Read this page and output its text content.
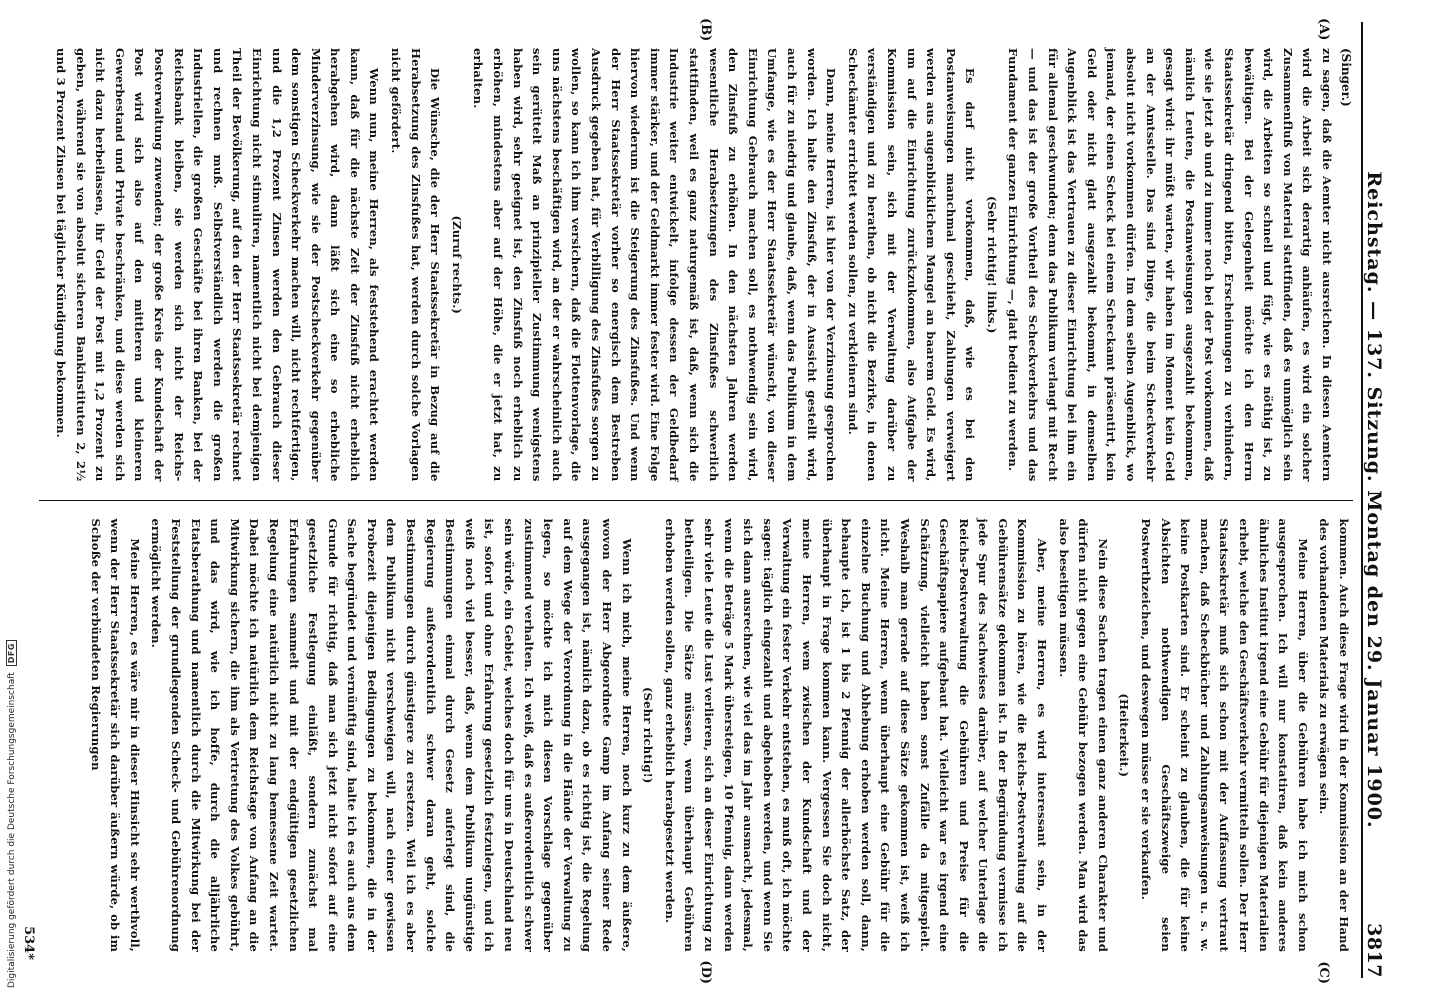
Digitalisierung gefördert durch die Deutsche Forschungsgemeinschaft
DFG	Reichstag. — 137. Sitzung. Montag den 29. Januar 1900.
3817
(Singer.)
(A)
(B)

zu sagen, daß die Aemter nicht ausreichen. In diesen Aemtern wird die Arbeit sich derartig anhäufen, es wird ein solcher Zusammenfluß von Material stattfinden, daß es unmöglich sein wird, die Arbeiten so schnell und fügt, wie es nöthig ist, zu bewältigen. Bei der Gelegenheit möchte ich den Herrn Staatssekretär dringend bitten, Erscheinungen zu verhindern, wie sie jetzt ab und zu immer noch bei der Post vorkommen, daß nämlich Leuten, die Postanweisungen ausgezahlt bekommen, gesagt wird: ihr müßt warten, wir haben im Moment kein Geld an der Amtsstelle. Das sind Dinge, die beim Scheckverkehr absolut nicht vorkommen dürfen. Im dem selben Augenblick, wo jemand, der einen Scheck bei einem Scheckamt präsentirt, kein Geld oder nicht glatt ausgezahlt bekommt, in demselben Augenblick ist das Vertrauen zu dieser Einrichtung bei ihm ein für allemal geschwunden; denn das Publikum verlangt mit Recht — und das ist der große Vortheil des Scheckverkehrs und das Fundament der ganzen Einrichtung —, glatt bedient zu werden.

(Sehr richtig! links.)

Es darf nicht vorkommen, daß, wie es bei den Postanweisungen manchmal geschieht, Zahlungen verweigert werden aus augenblicklichem Mangel an baarem Geld. Es wird, um auf die Einrichtung zurückzukommen, also Aufgabe der Kommission sein, sich mit der Verwaltung darüber zu verständigen und zu berathen, ob nicht die Bezirke, in denen Scheckämter errichtet werden sollen, zu verkleinern sind.

Dann, meine Herren, ist hier von der Verzinsung gesprochen worden. Ich halte den Zinsfuß, der in Aussicht gestellt wird, auch für zu niedrig und glaube, daß, wenn das Publikum in dem Umfange, wie es der Herr Staatssekretär wünscht, von dieser Einrichtung Gebrauch machen soll, es nothwendig sein wird, den Zinsfuß zu erhöhen. In den nächsten Jahren werden wesentliche Herabsetzungen des Zinsfußes schwerlich stattfinden, weil es ganz naturgemäß ist, daß, wenn sich die Industrie weiter entwickelt, infolge dessen der Geldbedarf immer stärker, und der Geldmarkt immer fester wird. Eine Folge hiervon wiederum ist die Steigerung des Zinsfußes. Und wenn der Herr Staatssekretär vorher so energisch dem Bestreben Ausdruck gegeben hat, für Verbilligung des Zinsfußes sorgen zu wollen, so kann ich ihm versichern, daß die Flottenvorlage, die uns nächstens beschäftigen wird, an der er wahrscheinlich auch sein gerüttelt Maß an prinzipieller Zustimmung wenigstens haben wird, sehr geeignet ist, den Zinsfuß noch erheblich zu erhöhen, mindestens aber auf der Höhe, die er jetzt hat, zu erhalten.

(Zuruf rechts.)

Die Wünsche, die der Herr Staatssekretär in Bezug auf die Herabsetzung des Zinsfußes hat, werden durch solche Vorlagen nicht gefördert.

Wenn nun, meine Herren, als feststehend erachtet werden kann, daß für die nächste Zeit der Zinsfuß nicht erheblich herabgehen wird, dann läßt sich eine so erhebliche Minderverzinsung, wie sie der Postscheckverkehr gegenüber dem sonstigen Scheckverkehr machen will, nicht rechtfertigen, und die 1,2 Prozent Zinsen werden den Gebrauch dieser Einrichtung nicht stimuliren, namentlich nicht bei demjenigen Theil der Bevölkerung, auf den der Herr Staatssekretär rechnet und rechnen muß. Selbstverständlich werden die großen Industriellen, die großen Geschäfte bei ihren Banken, bei der Reichsbank bleiben, sie werden sich nicht der Reichs-Postverwaltung zuwenden; der große Kreis der Kundschaft der Post wird sich also auf den mittleren und kleineren Gewerbestand und Private beschränken, und diese werden sich nicht dazu herbeilassen, ihr Geld der Post mit 1,2 Prozent zu geben, während sie von absolut sicheren Bankinstituten 2, 2½ und 3 Prozent Zinsen bei täglicher Kündigung bekommen.

(C)
(D)

kommen. Auch diese Frage wird in der Kommission an der Hand des vorhandenen Materials zu erwägen sein.

Meine Herren, über die Gebühren habe ich mich schon ausgesprochen. Ich will nur konstatiren, daß kein anderes ähnliches Institut irgend eine Gebühr für diejenigen Materialien erhebt, welche den Geschäftsverkehr vermitteln sollen. Der Herr Staatssekretär muß sich schon mit der Auffassung vertraut machen, daß Scheckbücher und Zahlungsanweisungen u. s. w. keine Postkarten sind. Er scheint zu glauben, die für keine Absichten nothwendigen Geschäftszweige seien Postwerthzeichen, und deswegen müsse er sie verkaufen.

(Heiterkeit.)

Nein diese Sachen tragen einen ganz anderen Charakter und dürfen nicht gegen eine Gebühr bezogen werden. Man wird das also beseitigen müssen.

Aber, meine Herren, es wird interessant sein, in der Kommission zu hören, wie die Reichs-Postverwaltung auf die Gebührensätze gekommen ist. In der Begründung vermisse ich jede Spur des Nachweises darüber, auf welcher Unterlage die Reichs-Postverwaltung die Gebühren und Preise für die Geschäftspapiere aufgebaut hat. Vielleicht war es irgend eine Schätzung, vielleicht haben sonst Zufälle da mitgespielt. Weshalb man gerade auf diese Sätze gekommen ist, weiß ich nicht. Meine Herren, wenn überhaupt eine Gebühr für die einzelne Buchung und Abhebung erhoben werden soll, dann, behaupte ich, ist 1 bis 2 Pfennig der allerhöchste Satz, der überhaupt in Frage kommen kann. Vergessen Sie doch nicht, meine Herren, wem zwischen der Kundschaft und der Verwaltung ein fester Verkehr entstehen, es muß oft, ich möchte sagen: täglich eingezahlt und abgehoben werden, und wenn Sie sich dann ausrechnen, wie viel das im Jahr ausmacht, jedesmal, wenn die Beträge 5 Mark übersteigen, 10 Pfennig, dann werden sehr viele Leute die Lust verlieren, sich an dieser Einrichtung zu betheiligen. Die Sätze müssen, wenn überhaupt Gebühren erhoben werden sollen, ganz erheblich herabgesetzt werden.

(Sehr richtig!)

Wenn ich mich, meine Herren, noch kurz zu dem äußere, wovon der Herr Abgeordnete Gamp im Anfang seiner Rede ausgegangen ist, nämlich dazu, ob es richtig ist, die Regelung auf dem Wege der Verordnung in die Hände der Verwaltung zu legen, so möchte ich mich diesen Vorschlage gegenüber zustimmend verhalten. Ich weiß, daß es außerordentlich schwer sein würde, ein Gebiet, welches doch für uns in Deutschland neu ist, sofort und ohne Erfahrung gesetzlich festzulegen, und ich weiß noch viel besser, daß, wenn dem Publikum ungünstige Bestimmungen einmal durch Gesetz auferlegt sind, die Regierung außerordentlich schwer daran geht, solche Bestimmungen durch günstigere zu ersetzen. Weil ich es aber dem Publikum nicht verschweigen will, nach einer gewissen Probezeit diejenigen Bedingungen zu bekommen, die in der Sache begründet und vernünftig sind, halte ich es auch aus dem Grunde für richtig, daß man sich jetzt nicht sofort auf eine gesetzliche Festlegung einläßt, sondern zunächst mal Erfahrungen sammelt und mit der endgültigen gesetzlichen Regelung eine natürlich nicht zu lang bemessene Zeit wartet. Dabei möchte ich natürlich dem Reichstage von Anfang an die Mitwirkung sichern, die ihm als Vertretung des Volkes gebührt, und das wird, wie ich hoffe, durch die alljährliche Etatsberathung und namentlich durch die Mitwirkung bei der Feststellung der grundlegenden Scheck- und Gebührenordnung ermöglicht werden.

Meine Herren, es wäre mir in dieser Hinsicht sehr werthvoll, wenn der Herr Staatssekretär sich darüber äußern würde, ob im Schoße der verbündeten Regierungen

534*
